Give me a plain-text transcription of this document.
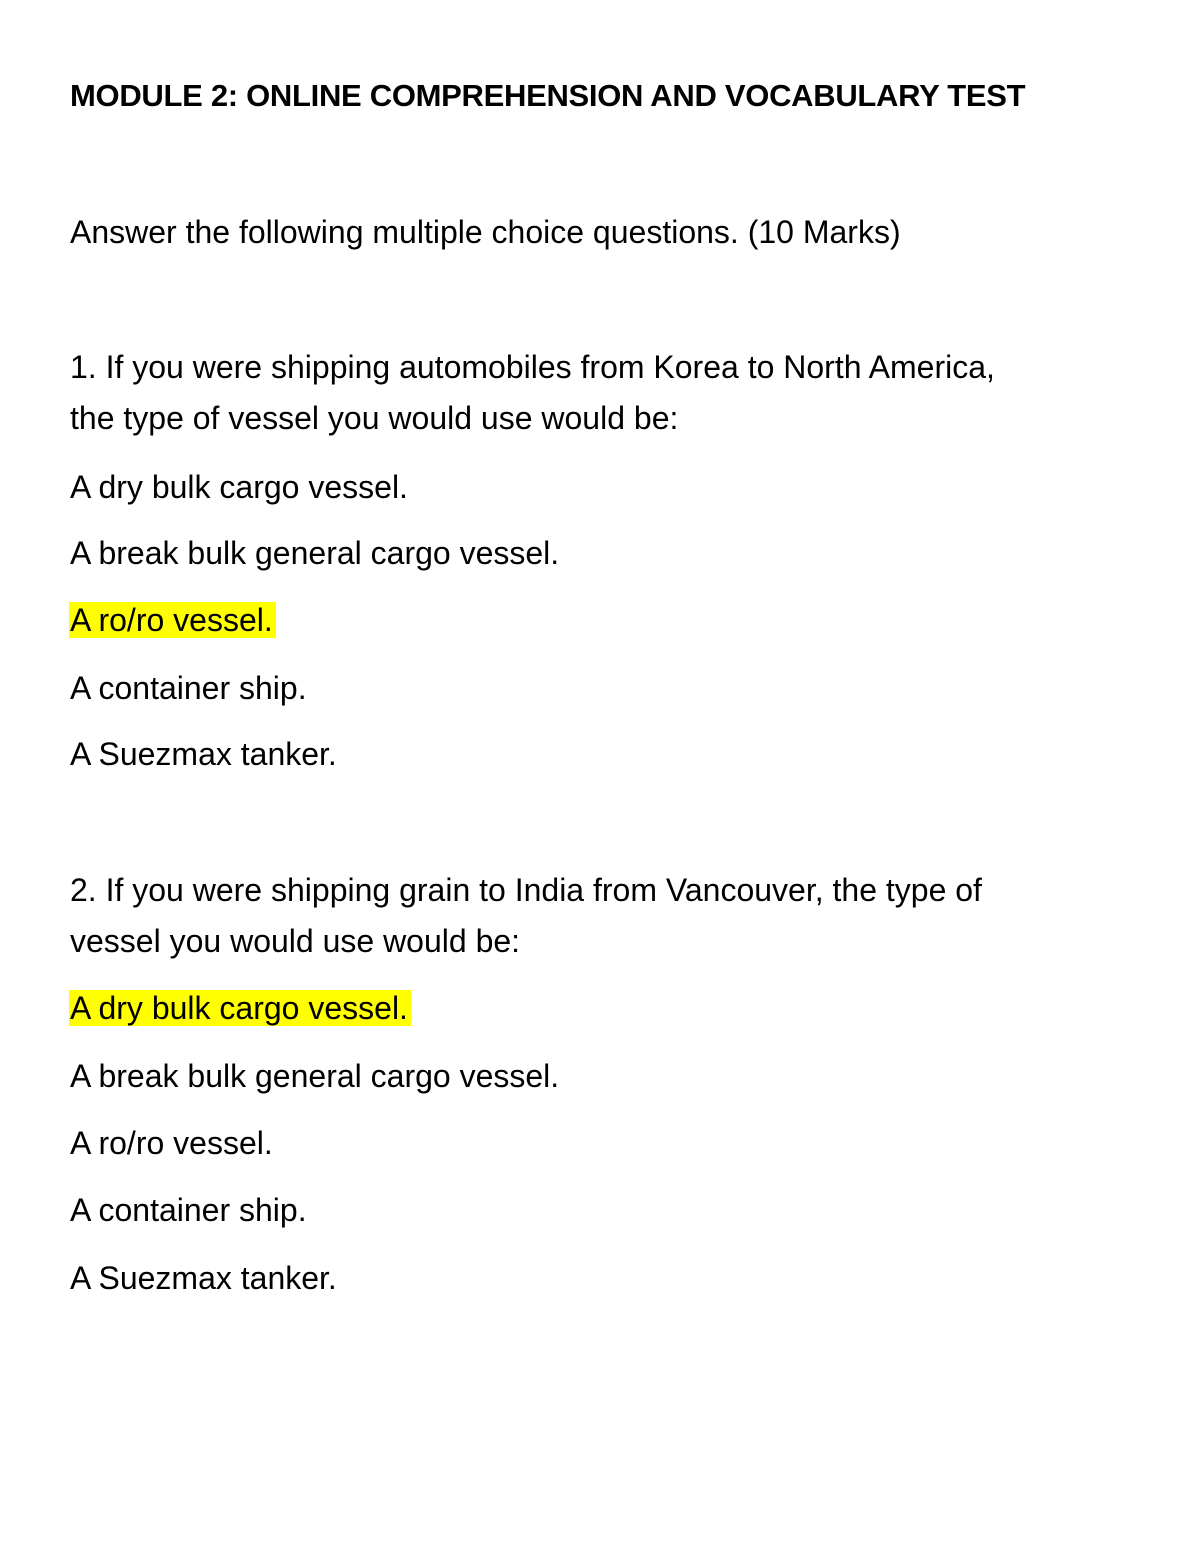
MODULE 2: ONLINE COMPREHENSION AND VOCABULARY TEST

Answer the following multiple choice questions. (10 Marks)

1. If you were shipping automobiles from Korea to North America,

the type of vessel you would use would be:

A dry bulk cargo vessel.

A break bulk general cargo vessel.

A ro/ro vessel.

A container ship.

A Suezmax tanker.

2. If you were shipping grain to India from Vancouver, the type of

vessel you would use would be:

A dry bulk cargo vessel.

A break bulk general cargo vessel.

A ro/ro vessel.

A container ship.

A Suezmax tanker.
